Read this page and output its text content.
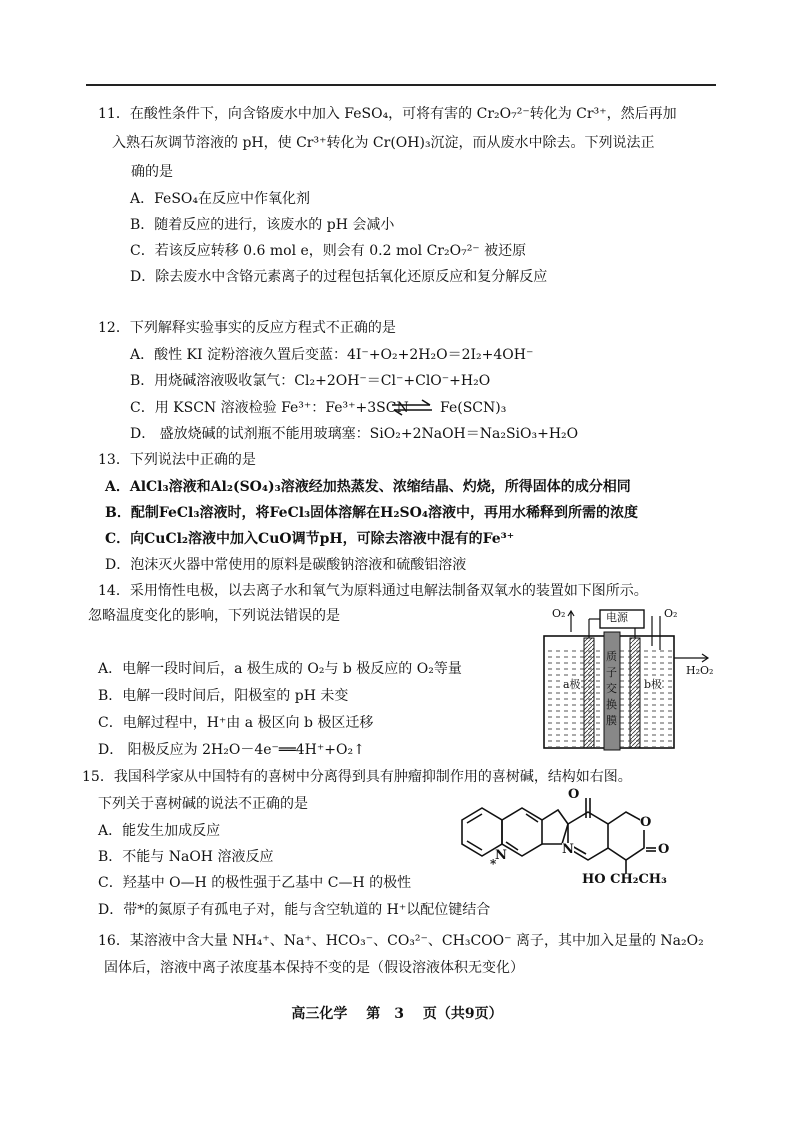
11．在酸性条件下，向含铬废水中加入 FeSO₄，可将有害的 Cr₂O₇²⁻转化为 Cr³⁺，然后再加
入熟石灰调节溶液的 pH，使 Cr³⁺转化为 Cr(OH)₃沉淀，而从废水中除去。下列说法正
确的是
A．FeSO₄在反应中作氧化剂
B．随着反应的进行，该废水的 pH 会减小
C．若该反应转移 0.6 mol e，则会有 0.2 mol Cr₂O₇²⁻ 被还原
D．除去废水中含铬元素离子的过程包括氧化还原反应和复分解反应
12．下列解释实验事实的反应方程式不正确的是
A．酸性 KI 淀粉溶液久置后变蓝：4I⁻+O₂+2H₂O＝2I₂+4OH⁻
B．用烧碱溶液吸收氯气：Cl₂+2OH⁻＝Cl⁻+ClO⁻+H₂O
C．用 KSCN 溶液检验 Fe³⁺：Fe³⁺+3SCN⁻ ⇌ Fe(SCN)₃
D． 盛放烧碱的试剂瓶不能用玻璃塞：SiO₂+2NaOH＝Na₂SiO₃+H₂O
13．下列说法中正确的是
A．AlCl₃溶液和Al₂(SO₄)₃溶液经加热蒸发、浓缩结晶、灼烧，所得固体的成分相同
B．配制FeCl₃溶液时，将FeCl₃固体溶解在H₂SO₄溶液中，再用水稀释到所需的浓度
C．向CuCl₂溶液中加入CuO调节pH，可除去溶液中混有的Fe³⁺
D．泡沫灭火器中常使用的原料是碳酸钠溶液和硫酸铝溶液
14．采用惰性电极，以去离子水和氧气为原料通过电解法制备双氧水的装置如下图所示。
忽略温度变化的影响，下列说法错误的是
A．电解一段时间后，a 极生成的 O₂与 b 极反应的 O₂等量
B．电解一段时间后，阳极室的 pH 未变
C．电解过程中，H⁺由 a 极区向 b 极区迁移
D． 阳极反应为 2H₂O－4e⁻══4H⁺+O₂↑
O₂	O₂
电源
质
子
交
换
膜
a极	b极
H₂O₂
15．我国科学家从中国特有的喜树中分离得到具有肿瘤抑制作用的喜树碱，结构如右图。
下列关于喜树碱的说法不正确的是
A．能发生加成反应
B．不能与 NaOH 溶液反应
C．羟基中 O—H 的极性强于乙基中 C—H 的极性
D．带*的氮原子有孤电子对，能与含空轨道的 H⁺以配位键结合
O
O
O
N
*
N
HO CH₂CH₃
16．某溶液中含大量 NH₄⁺、Na⁺、HCO₃⁻、CO₃²⁻、CH₃COO⁻ 离子，其中加入足量的 Na₂O₂
固体后，溶液中离子浓度基本保持不变的是（假设溶液体积无变化）
高三化学　 第　3　 页（共9页）
